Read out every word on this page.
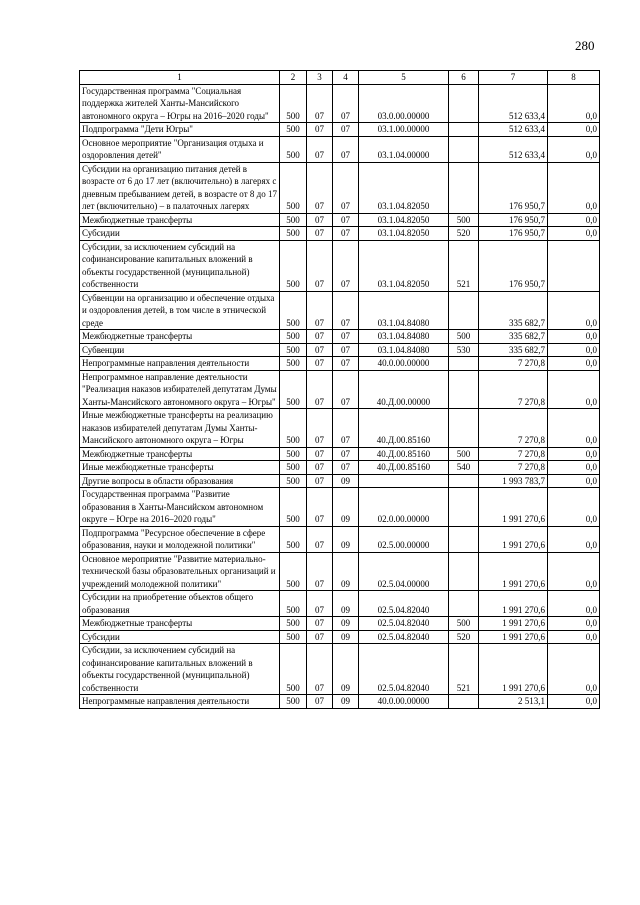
280
1	2	3	4	5	6	7	8
Государственная программа "Социальная поддержка жителей Ханты-Мансийского автономного округа – Югры на 2016–2020 годы"	500	07	07	03.0.00.00000		512 633,4	0,0
Подпрограмма "Дети Югры"	500	07	07	03.1.00.00000		512 633,4	0,0
Основное мероприятие "Организация отдыха и оздоровления детей"	500	07	07	03.1.04.00000		512 633,4	0,0
Субсидии на организацию питания детей в возрасте от 6 до 17 лет (включительно) в лагерях с дневным пребыванием детей, в возрасте от 8 до 17 лет (включительно) – в палаточных лагерях	500	07	07	03.1.04.82050		176 950,7	0,0
Межбюджетные трансферты	500	07	07	03.1.04.82050	500	176 950,7	0,0
Субсидии	500	07	07	03.1.04.82050	520	176 950,7	0,0
Субсидии, за исключением субсидий на софинансирование капитальных вложений в объекты государственной (муниципальной) собственности	500	07	07	03.1.04.82050	521	176 950,7	
Субвенции на организацию и обеспечение отдыха и оздоровления детей, в том числе в этнической среде	500	07	07	03.1.04.84080		335 682,7	0,0
Межбюджетные трансферты	500	07	07	03.1.04.84080	500	335 682,7	0,0
Субвенции	500	07	07	03.1.04.84080	530	335 682,7	0,0
Непрограммные направления деятельности	500	07	07	40.0.00.00000		7 270,8	0,0
Непрограммное направление деятельности "Реализация наказов избирателей депутатам Думы Ханты-Мансийского автономного округа – Югры"	500	07	07	40.Д.00.00000		7 270,8	0,0
Иные межбюджетные трансферты на реализацию наказов избирателей депутатам Думы Ханты-Мансийского автономного округа – Югры	500	07	07	40.Д.00.85160		7 270,8	0,0
Межбюджетные трансферты	500	07	07	40.Д.00.85160	500	7 270,8	0,0
Иные межбюджетные трансферты	500	07	07	40.Д.00.85160	540	7 270,8	0,0
Другие вопросы в области образования	500	07	09			1 993 783,7	0,0
Государственная программа "Развитие образования в Ханты-Мансийском автономном округе – Югре на 2016–2020 годы"	500	07	09	02.0.00.00000		1 991 270,6	0,0
Подпрограмма "Ресурсное обеспечение в сфере образования, науки и молодежной политики"	500	07	09	02.5.00.00000		1 991 270,6	0,0
Основное мероприятие "Развитие материально-технической базы образовательных организаций и учреждений молодежной политики"	500	07	09	02.5.04.00000		1 991 270,6	0,0
Субсидии на приобретение объектов общего образования	500	07	09	02.5.04.82040		1 991 270,6	0,0
Межбюджетные трансферты	500	07	09	02.5.04.82040	500	1 991 270,6	0,0
Субсидии	500	07	09	02.5.04.82040	520	1 991 270,6	0,0
Субсидии, за исключением субсидий на софинансирование капитальных вложений в объекты государственной (муниципальной) собственности	500	07	09	02.5.04.82040	521	1 991 270,6	0,0
Непрограммные направления деятельности	500	07	09	40.0.00.00000		2 513,1	0,0
